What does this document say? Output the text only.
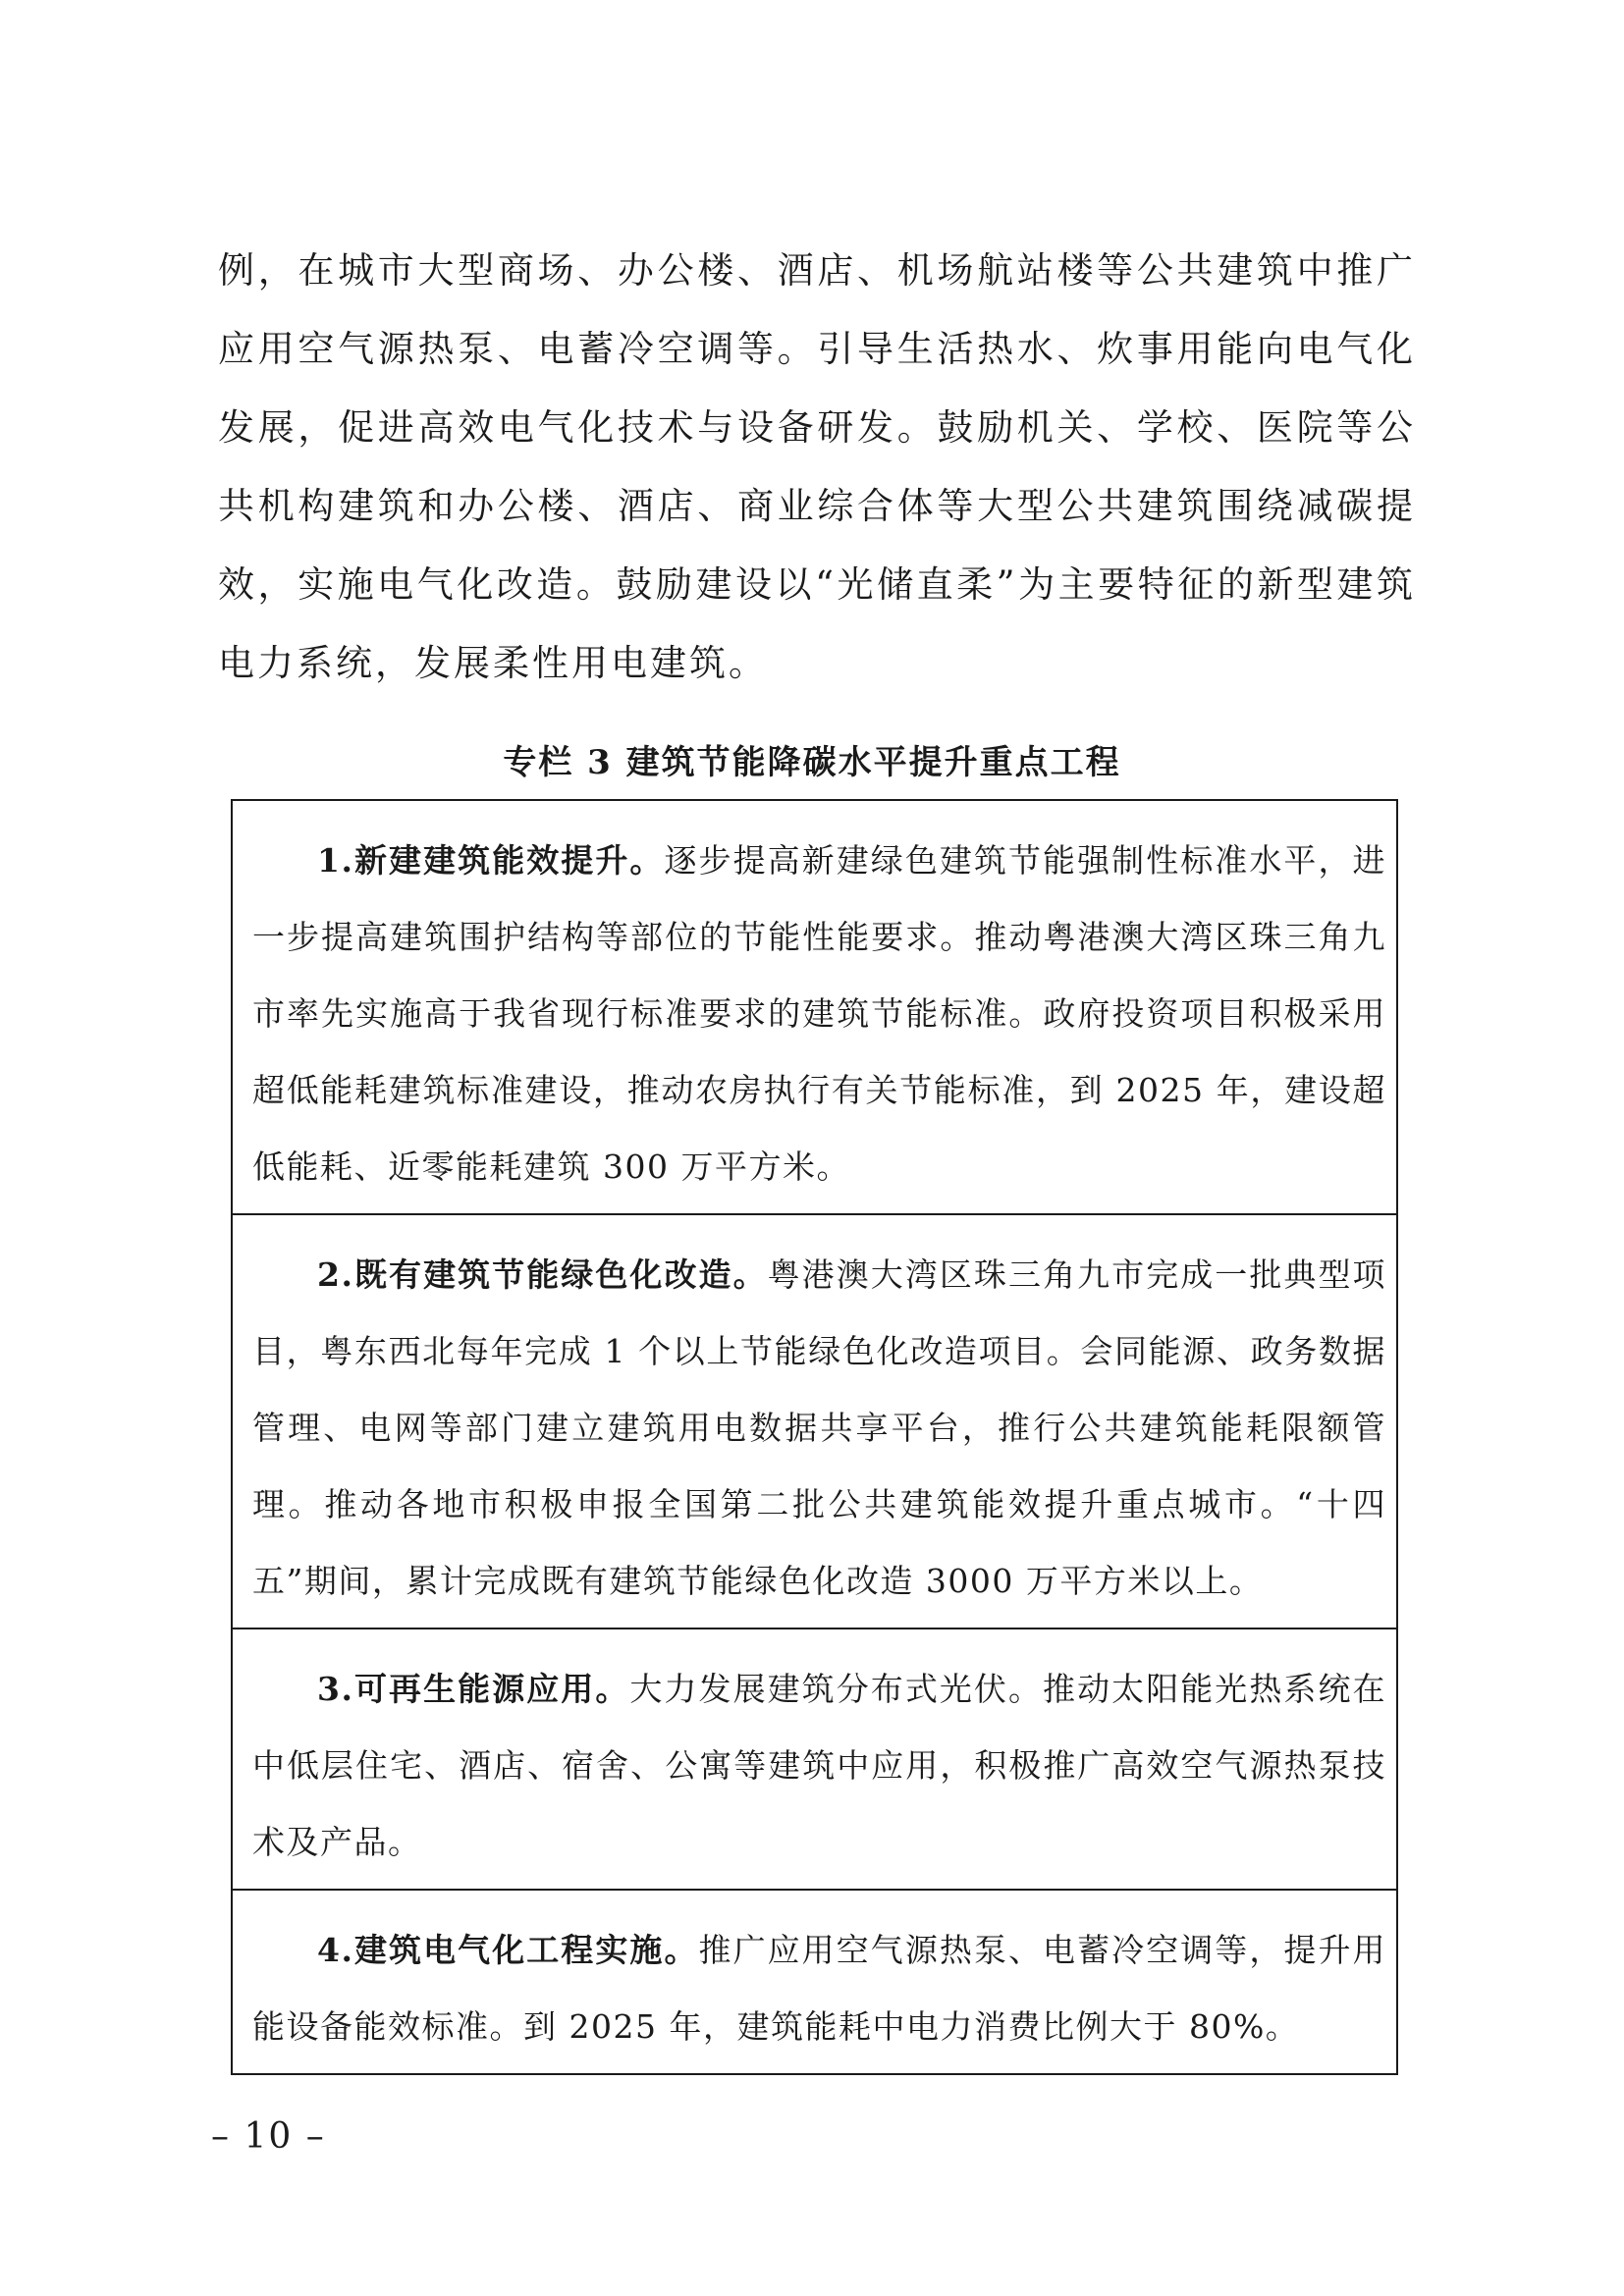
例，在城市大型商场、办公楼、酒店、机场航站楼等公共建筑中推广应用空气源热泵、电蓄冷空调等。引导生活热水、炊事用能向电气化发展，促进高效电气化技术与设备研发。鼓励机关、学校、医院等公共机构建筑和办公楼、酒店、商业综合体等大型公共建筑围绕减碳提效，实施电气化改造。鼓励建设以“光储直柔”为主要特征的新型建筑电力系统，发展柔性用电建筑。
专栏 3 建筑节能降碳水平提升重点工程
1.新建建筑能效提升。逐步提高新建绿色建筑节能强制性标准水平，进一步提高建筑围护结构等部位的节能性能要求。推动粤港澳大湾区珠三角九市率先实施高于我省现行标准要求的建筑节能标准。政府投资项目积极采用超低能耗建筑标准建设，推动农房执行有关节能标准，到 2025 年，建设超低能耗、近零能耗建筑 300 万平方米。

2.既有建筑节能绿色化改造。粤港澳大湾区珠三角九市完成一批典型项目，粤东西北每年完成 1 个以上节能绿色化改造项目。会同能源、政务数据管理、电网等部门建立建筑用电数据共享平台，推行公共建筑能耗限额管理。推动各地市积极申报全国第二批公共建筑能效提升重点城市。“十四五”期间，累计完成既有建筑节能绿色化改造 3000 万平方米以上。

3.可再生能源应用。大力发展建筑分布式光伏。推动太阳能光热系统在中低层住宅、酒店、宿舍、公寓等建筑中应用，积极推广高效空气源热泵技术及产品。

4.建筑电气化工程实施。推广应用空气源热泵、电蓄冷空调等，提升用能设备能效标准。到 2025 年，建筑能耗中电力消费比例大于 80%。
– 10 –
